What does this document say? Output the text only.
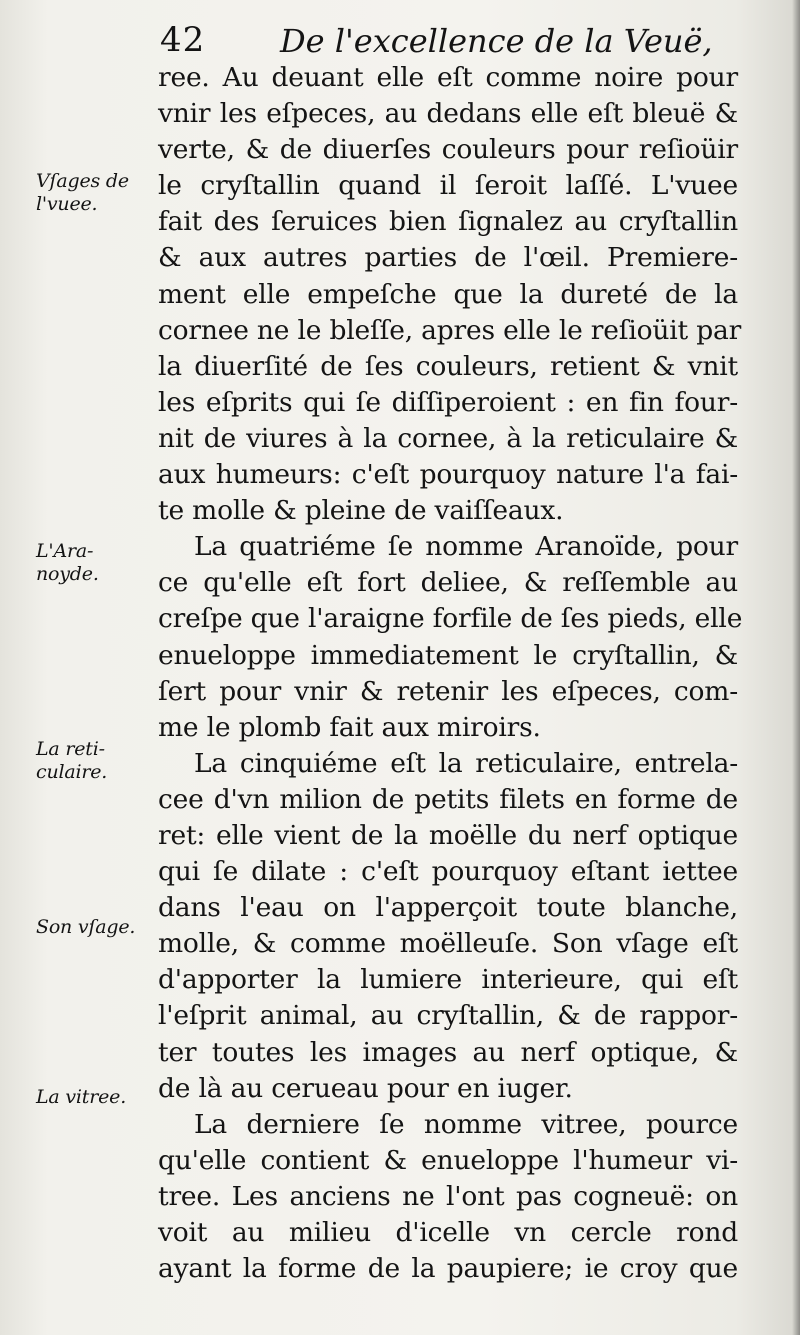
42 De l'excellence de la Veuë,
ree. Au deuant elle eſt comme noire pour
vnir les eſpeces, au dedans elle eſt bleuë &
verte, & de diuerſes couleurs pour reſioüir
le cryſtallin quand il ſeroit laſſé. L'vuee
fait des ſeruices bien ſignalez au cryſtallin
& aux autres parties de l'œil. Premiere-
ment elle empeſche que la dureté de la
cornee ne le bleſſe, apres elle le reſioüit par
la diuerſité de ſes couleurs, retient & vnit
les eſprits qui ſe diſſiperoient : en fin four-
nit de viures à la cornee, à la reticulaire &
aux humeurs: c'eſt pourquoy nature l'a fai-
te molle & pleine de vaiſſeaux.
La quatriéme ſe nomme Aranoïde, pour
ce qu'elle eſt fort deliee, & reſſemble au
creſpe que l'araigne forfile de ſes pieds, elle
enueloppe immediatement le cryſtallin, &
ſert pour vnir & retenir les eſpeces, com-
me le plomb fait aux miroirs.
La cinquiéme eſt la reticulaire, entrela-
cee d'vn milion de petits filets en forme de
ret: elle vient de la moëlle du nerf optique
qui ſe dilate : c'eſt pourquoy eſtant iettee
dans l'eau on l'apperçoit toute blanche,
molle, & comme moëlleuſe. Son vſage eſt
d'apporter la lumiere interieure, qui eſt
l'eſprit animal, au cryſtallin, & de rappor-
ter toutes les images au nerf optique, &
de là au cerueau pour en iuger.
La derniere ſe nomme vitree, pource
qu'elle contient & enueloppe l'humeur vi-
tree. Les anciens ne l'ont pas cogneuë: on
voit au milieu d'icelle vn cercle rond
ayant la forme de la paupiere; ie croy que
Vſages de
l'vuee.
L'Ara-
noyde.
La reti-
culaire.
Son vſage.
La vitree.
